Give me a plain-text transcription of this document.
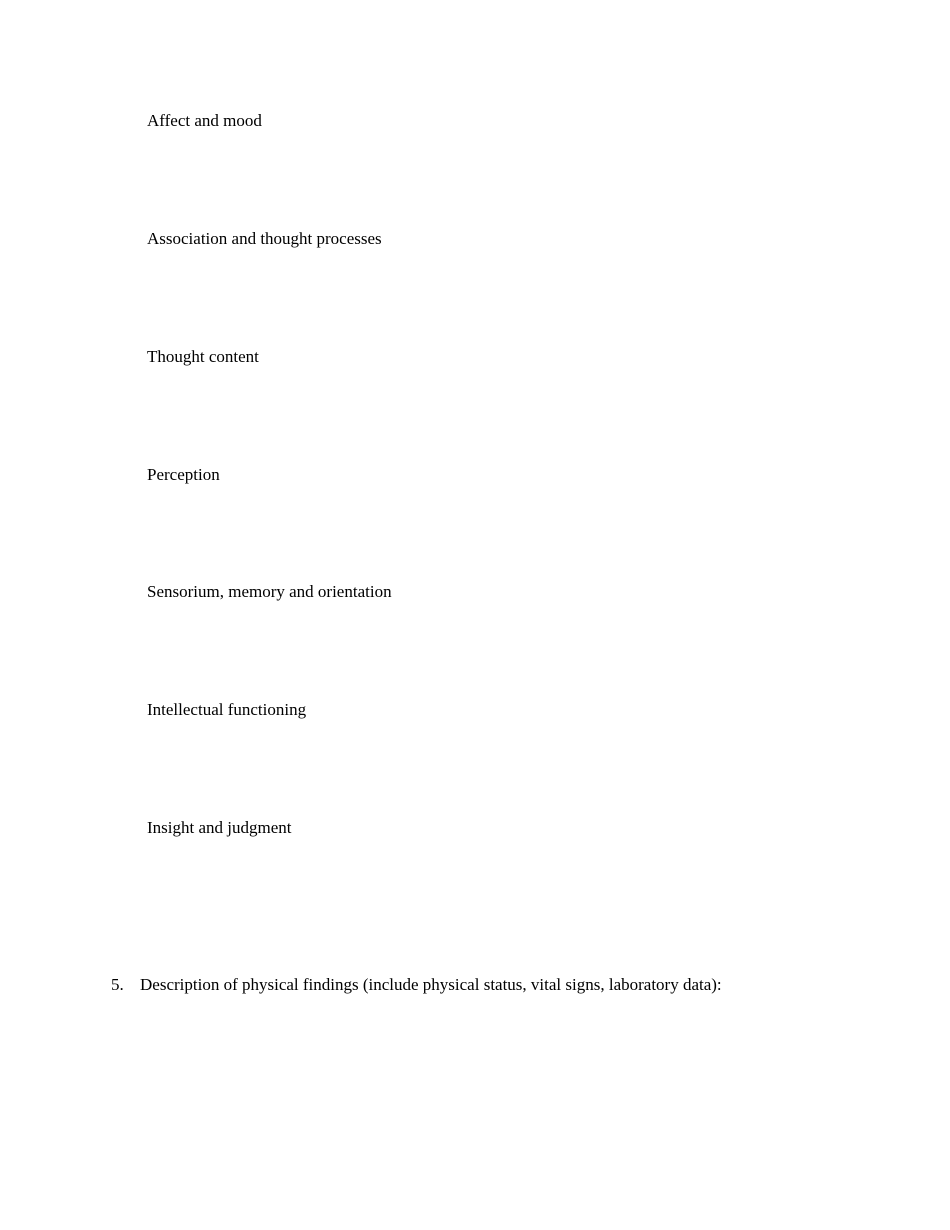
Affect and mood
Association and thought processes
Thought content
Perception
Sensorium, memory and orientation
Intellectual functioning
Insight and judgment
5. Description of physical findings (include physical status, vital signs, laboratory data):
